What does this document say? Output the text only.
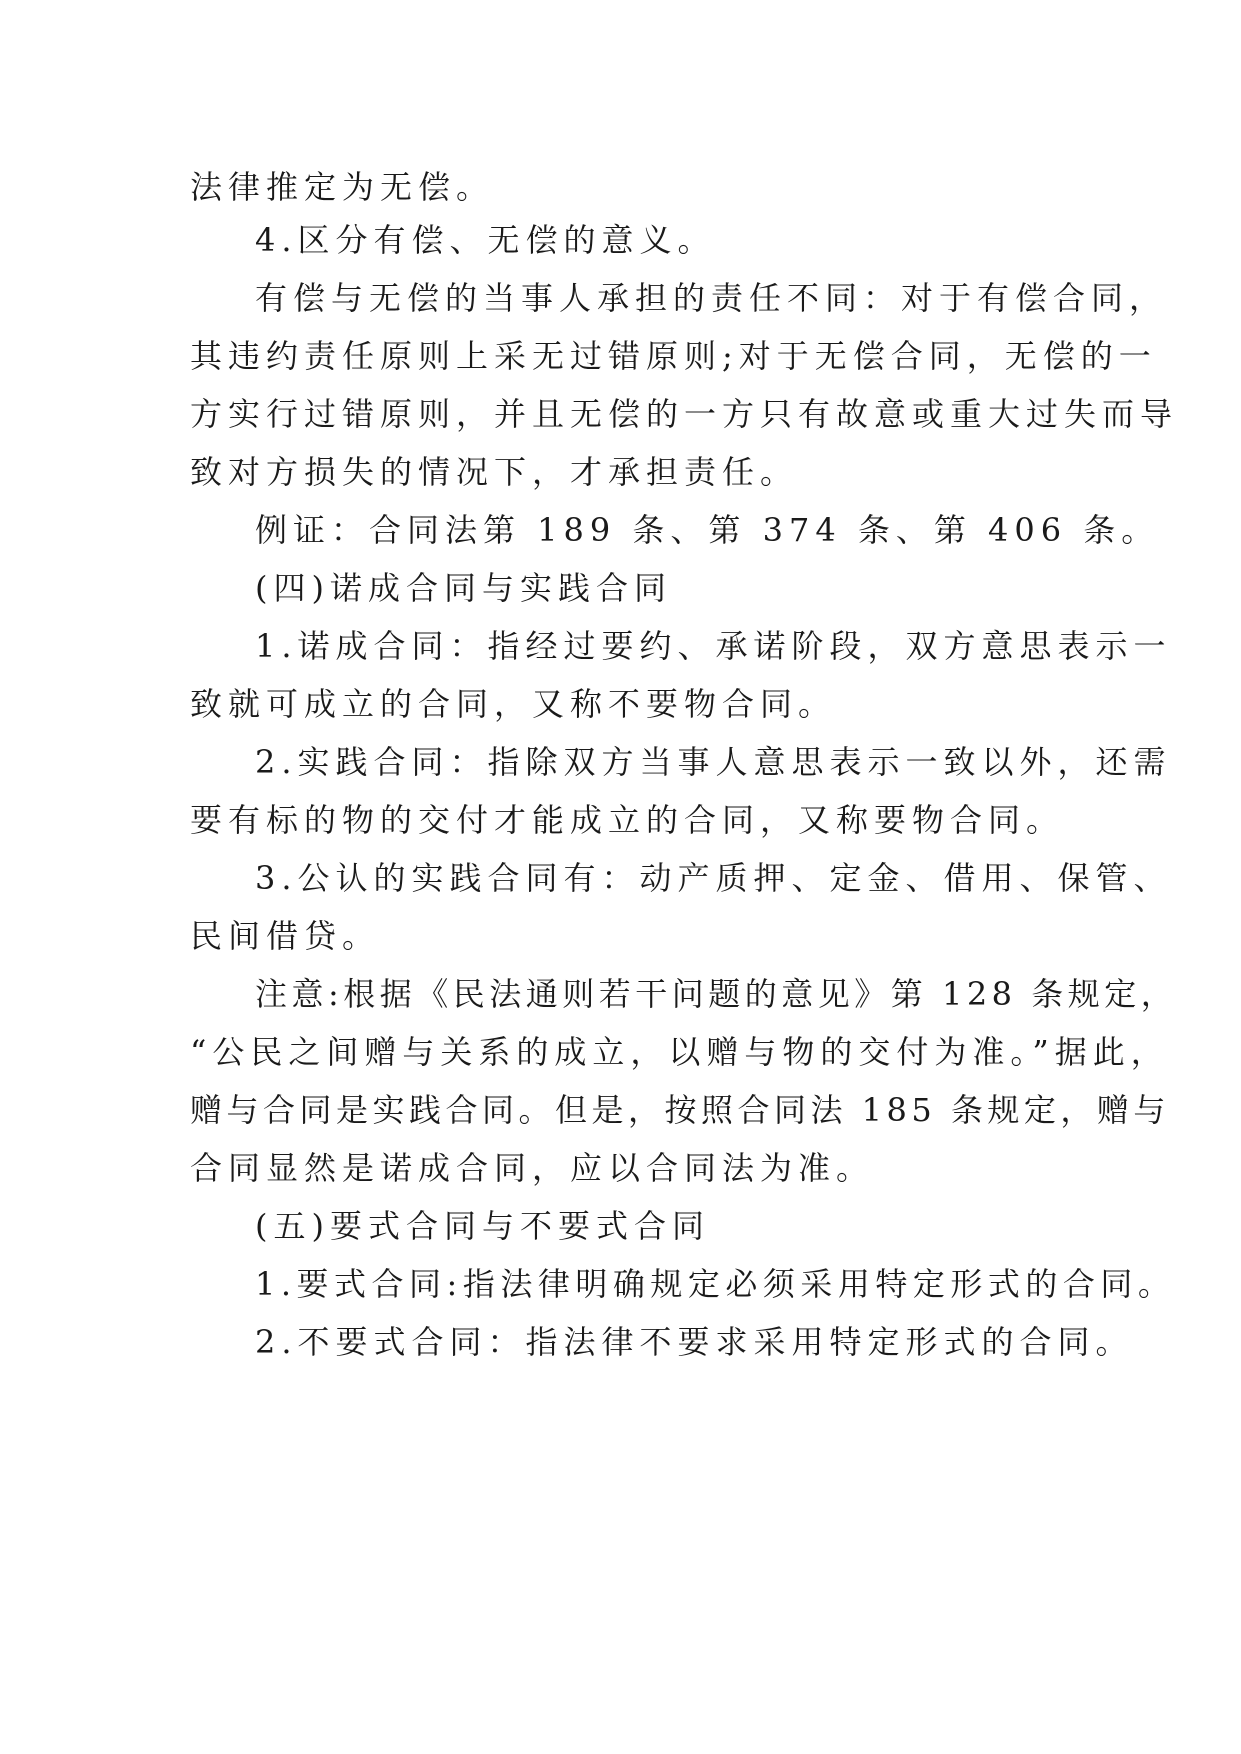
法律推定为无偿。
4.区分有偿、无偿的意义。
有偿与无偿的当事人承担的责任不同：对于有偿合同，
其违约责任原则上采无过错原则;对于无偿合同，无偿的一
方实行过错原则，并且无偿的一方只有故意或重大过失而导
致对方损失的情况下，才承担责任。
例证：合同法第 189 条、第 374 条、第 406 条。
(四)诺成合同与实践合同
1.诺成合同：指经过要约、承诺阶段，双方意思表示一
致就可成立的合同，又称不要物合同。
2.实践合同：指除双方当事人意思表示一致以外，还需
要有标的物的交付才能成立的合同，又称要物合同。
3.公认的实践合同有：动产质押、定金、借用、保管、
民间借贷。
注意:根据《民法通则若干问题的意见》第 128 条规定，
“公民之间赠与关系的成立，以赠与物的交付为准。”据此，
赠与合同是实践合同。但是，按照合同法 185 条规定，赠与
合同显然是诺成合同，应以合同法为准。
(五)要式合同与不要式合同
1.要式合同:指法律明确规定必须采用特定形式的合同。
2.不要式合同：指法律不要求采用特定形式的合同。
